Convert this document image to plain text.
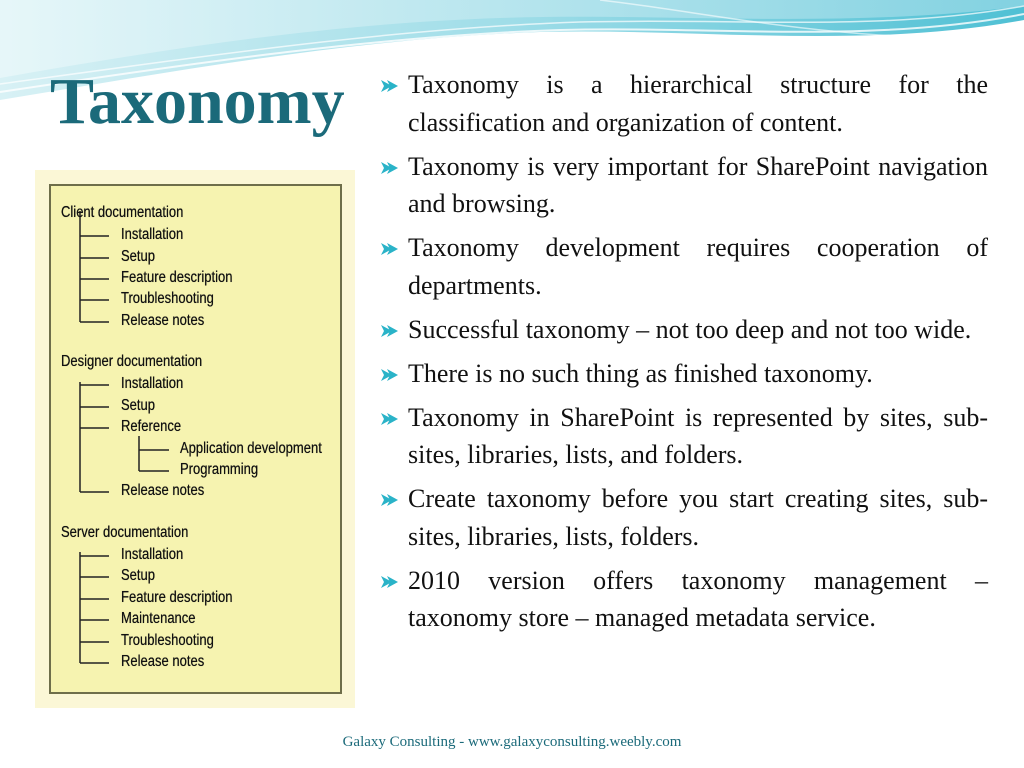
Taxonomy
Client documentation
Installation
Setup
Feature description
Troubleshooting
Release notes
Designer documentation
Installation
Setup
Reference
Application development
Programming
Release notes
Server documentation
Installation
Setup
Feature description
Maintenance
Troubleshooting
Release notes
Taxonomy is a hierarchical structure for the classification and organization of content.
Taxonomy is very important for SharePoint navigation and browsing.
Taxonomy development requires cooperation of departments.
Successful taxonomy – not too deep and not too wide.
There is no such thing as finished taxonomy.
Taxonomy in SharePoint is represented by sites, sub-sites, libraries, lists, and folders.
Create taxonomy before you start creating sites, sub-sites, libraries, lists, folders.
2010 version offers taxonomy management – taxonomy store – managed metadata service.
Galaxy Consulting - www.galaxyconsulting.weebly.com
